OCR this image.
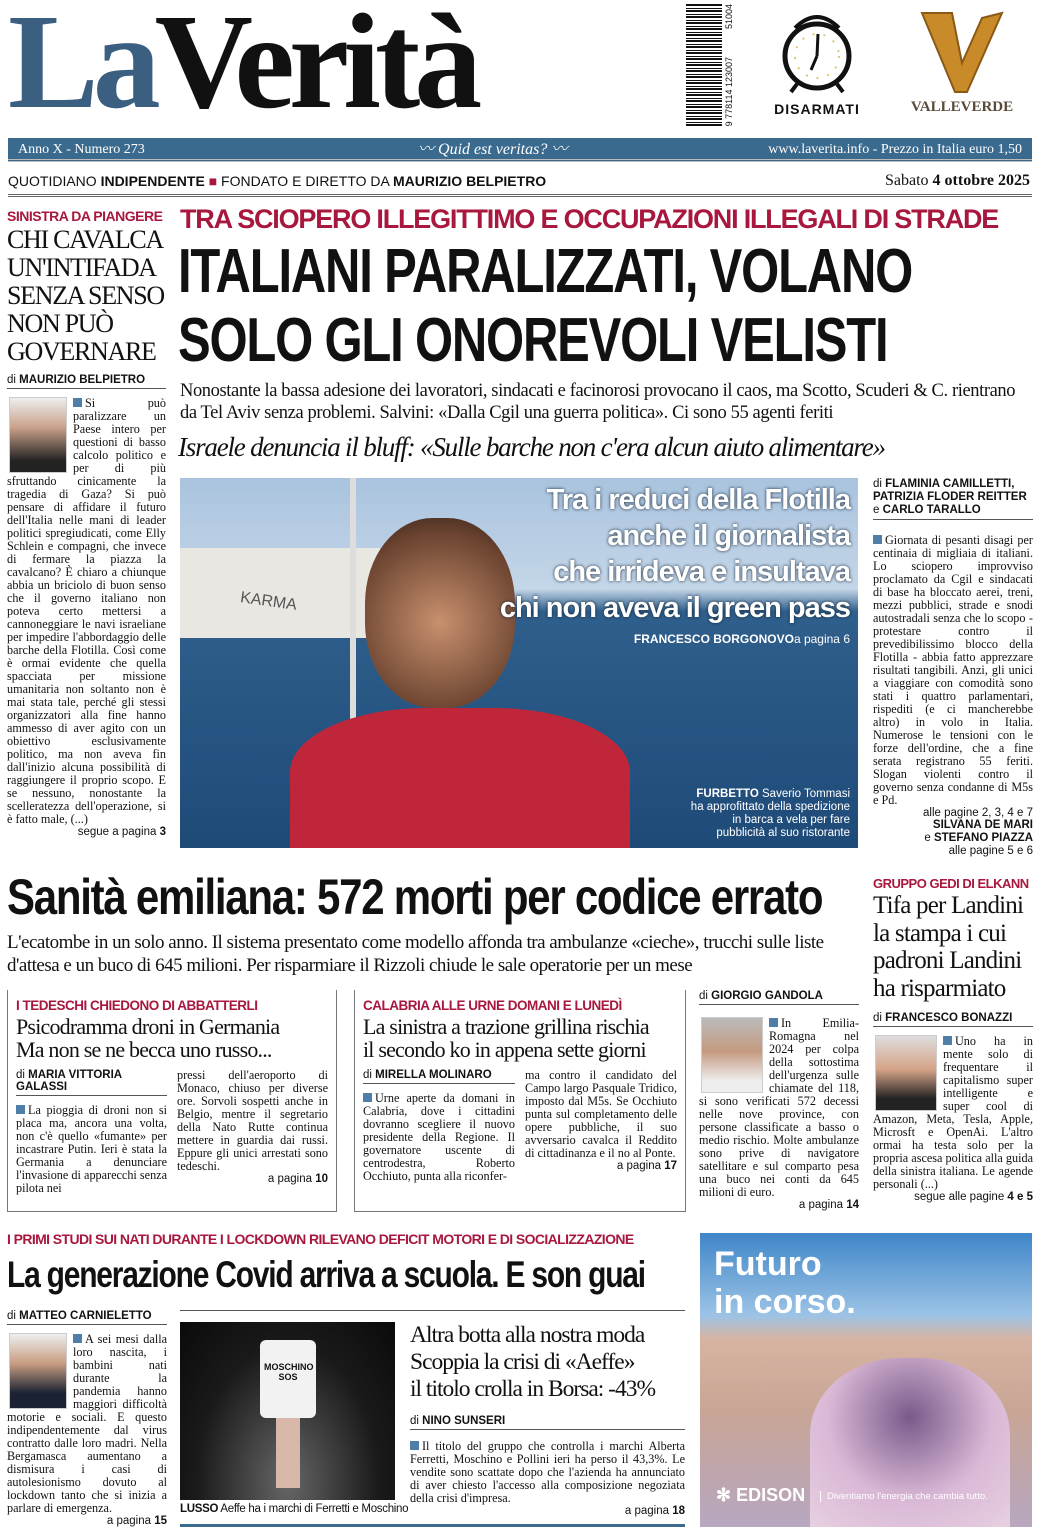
LaVerità	9 778114 123007
51004
DISARMATI	VALLEVERDE
Anno X - Numero 273	〰 Quid est veritas? 〰	www.laverita.info - Prezzo in Italia euro 1,50
QUOTIDIANO INDIPENDENTE ■ FONDATO E DIRETTO DA MAURIZIO BELPIETRO	Sabato 4 ottobre 2025
SINISTRA DA PIANGERE
CHI CAVALCA UN'INTIFADA SENZA SENSO NON PUÒ GOVERNARE
di MAURIZIO BELPIETRO
Si può paralizzare un Paese intero per questioni di basso calcolo politico e per di più sfruttando cinicamente la tragedia di Gaza? Si può pensare di affidare il futuro dell'Italia nelle mani di leader politici spregiudicati, come Elly Schlein e compagni, che invece di fermare la piazza la cavalcano? È chiaro a chiunque abbia un briciolo di buon senso che il governo italiano non poteva certo mettersi a cannoneggiare le navi israeliane per impedire l'abbordaggio delle barche della Flotilla. Così come è ormai evidente che quella spacciata per missione umanitaria non soltanto non è mai stata tale, perché gli stessi organizzatori alla fine hanno ammesso di aver agito con un obiettivo esclusivamente politico, ma non aveva fin dall'inizio alcuna possibilità di raggiungere il proprio scopo. E se nessuno, nonostante la scelleratezza dell'operazione, si è fatto male, (...)
segue a pagina 3
TRA SCIOPERO ILLEGITTIMO E OCCUPAZIONI ILLEGALI DI STRADE
ITALIANI PARALIZZATI, VOLANO
SOLO GLI ONOREVOLI VELISTI
Nonostante la bassa adesione dei lavoratori, sindacati e facinorosi provocano il caos, ma Scotto, Scuderi & C. rientrano da Tel Aviv senza problemi. Salvini: «Dalla Cgil una guerra politica». Ci sono 55 agenti feriti
Israele denuncia il bluff: «Sulle barche non c'era alcun aiuto alimentare»
KARMA
Tra i reduci della Flotilla
anche il giornalista
che irrideva e insultava
chi non aveva il green pass
FRANCESCO BORGONOVOa pagina 6
FURBETTO Saverio Tommasi ha approfittato della spedizione in barca a vela per fare pubblicità al suo ristorante
di FLAMINIA CAMILLETTI,
PATRIZIA FLODER REITTER
e CARLO TARALLO
Giornata di pesanti disagi per centinaia di migliaia di italiani. Lo sciopero improvviso proclamato da Cgil e sindacati di base ha bloccato aerei, treni, mezzi pubblici, strade e snodi autostradali senza che lo scopo - protestare contro il prevedibilissimo blocco della Flotilla - abbia fatto apprezzare risultati tangibili. Anzi, gli unici a viaggiare con comodità sono stati i quattro parlamentari, rispediti (e ci mancherebbe altro) in volo in Italia. Numerose le tensioni con le forze dell'ordine, che a fine serata registrano 55 feriti. Slogan violenti contro il governo senza condanne di M5s e Pd.
alle pagine 2, 3, 4 e 7
SILVANA DE MARI
e STEFANO PIAZZA
alle pagine 5 e 6
Sanità emiliana: 572 morti per codice errato
L'ecatombe in un solo anno. Il sistema presentato come modello affonda tra ambulanze «cieche», trucchi sulle liste d'attesa e un buco di 645 milioni. Per risparmiare il Rizzoli chiude le sale operatorie per un mese
GRUPPO GEDI DI ELKANN
Tifa per Landini la stampa i cui padroni Landini ha risparmiato
di FRANCESCO BONAZZI
Uno ha in mente solo di frequentare il capitalismo super intelligente e super cool di Amazon, Meta, Tesla, Apple, Microsft e OpenAi. L'altro ormai ha testa solo per la propria ascesa politica alla guida della sinistra italiana. Le agende personali (...)
segue alle pagine 4 e 5
I TEDESCHI CHIEDONO DI ABBATTERLI
Psicodramma droni in Germania
Ma non se ne becca uno russo...
di MARIA VITTORIA GALASSI
La pioggia di droni non si placa ma, ancora una volta, non c'è quello «fumante» per incastrare Putin. Ieri è stata la Germania a denunciare l'invasione di apparecchi senza pilota nei
pressi dell'aeroporto di Monaco, chiuso per diverse ore. Sorvoli sospetti anche in Belgio, mentre il segretario della Nato Rutte continua mettere in guardia dai russi. Eppure gli unici arrestati sono tedeschi.
a pagina 10
CALABRIA ALLE URNE DOMANI E LUNEDÌ
La sinistra a trazione grillina rischia
il secondo ko in appena sette giorni
di MIRELLA MOLINARO
Urne aperte da domani in Calabria, dove i cittadini dovranno scegliere il nuovo presidente della Regione. Il governatore uscente di centrodestra, Roberto Occhiuto, punta alla riconfer-
ma contro il candidato del Campo largo Pasquale Tridico, imposto dal M5s. Se Occhiuto punta sul completamento delle opere pubbliche, il suo avversario cavalca il Reddito di cittadinanza e il no al Ponte.
a pagina 17
di GIORGIO GANDOLA
In Emilia-Romagna nel 2024 per colpa della sottostima dell'urgenza sulle chiamate del 118, si sono verificati 572 decessi nelle nove province, con persone classificate a basso o medio rischio. Molte ambulanze sono prive di navigatore satellitare e sul comparto pesa una buco nei conti da 645 milioni di euro.
a pagina 14
I PRIMI STUDI SUI NATI DURANTE I LOCKDOWN RILEVANO DEFICIT MOTORI E DI SOCIALIZZAZIONE
La generazione Covid arriva a scuola. E son guai
di MATTEO CARNIELETTO
A sei mesi dalla loro nascita, i bambini nati durante la pandemia hanno maggiori difficoltà motorie e sociali. E questo indipendentemente dal virus contratto dalle loro madri. Nella Bergamasca aumentano a dismisura i casi di autolesionismo dovuto al lockdown tanto che si inizia a parlare di emergenza.
a pagina 15
MOSCHINO SOS
LUSSO Aeffe ha i marchi di Ferretti e Moschino
Altra botta alla nostra moda
Scoppia la crisi di «Aeffe»
il titolo crolla in Borsa: -43%
di NINO SUNSERI
Il titolo del gruppo che controlla i marchi Alberta Ferretti, Moschino e Pollini ieri ha perso il 43,3%. Le vendite sono scattate dopo che l'azienda ha annunciato di aver chiesto l'accesso alla composizione negoziata della crisi d'impresa.
a pagina 18
Futuro
in corso.
✻ EDISON	Diventiamo l'energia che cambia tutto.
